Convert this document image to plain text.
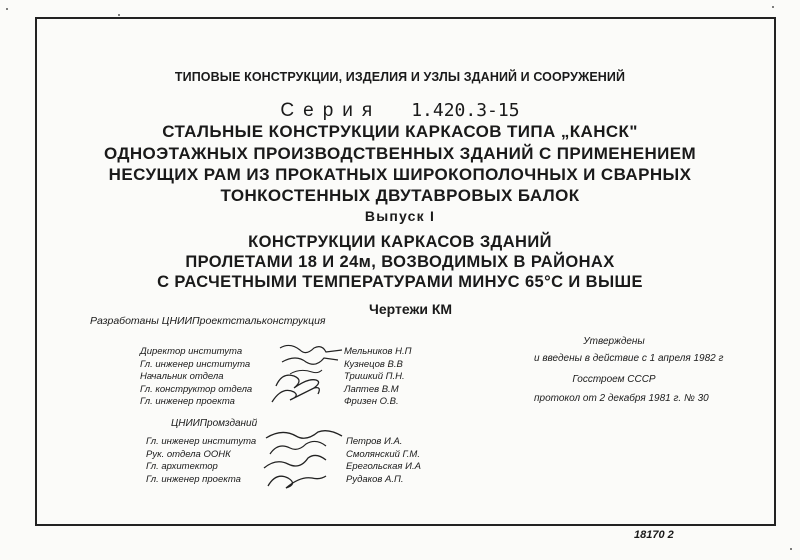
ТИПОВЫЕ КОНСТРУКЦИИ, ИЗДЕЛИЯ И УЗЛЫ ЗДАНИЙ И СООРУЖЕНИЙ
Серия 1.420.3-15
СТАЛЬНЫЕ КОНСТРУКЦИИ КАРКАСОВ ТИПА „КАНСК"
ОДНОЭТАЖНЫХ ПРОИЗВОДСТВЕННЫХ ЗДАНИЙ С ПРИМЕНЕНИЕМ
НЕСУЩИХ РАМ ИЗ ПРОКАТНЫХ ШИРОКОПОЛОЧНЫХ И СВАРНЫХ
ТОНКОСТЕННЫХ ДВУТАВРОВЫХ БАЛОК
Выпуск I
КОНСТРУКЦИИ КАРКАСОВ ЗДАНИЙ
ПРОЛЕТАМИ 18 И 24м, ВОЗВОДИМЫХ В РАЙОНАХ
С РАСЧЕТНЫМИ ТЕМПЕРАТУРАМИ МИНУС 65°С И ВЫШЕ
Чертежи КМ
Разработаны ЦНИИПроектстальконструкция
Директор института
Гл. инженер института
Начальник отдела
Гл. конструктор отдела
Гл. инженер проекта
Мельников Н.П
Кузнецов В.В
Тришкий П.Н.
Лаптев В.М
Фризен О.В.
ЦНИИПромзданий
Гл. инженер института
Рук. отдела ООНК
Гл. архитектор
Гл. инженер проекта
Петров И.А.
Смолянский Г.М.
Ерегольская И.А
Рудаков А.П.
Утверждены
и введены в действие с 1 апреля 1982 г
Госстроем СССР
протокол от 2 декабря 1981 г. № 30
18170 2
